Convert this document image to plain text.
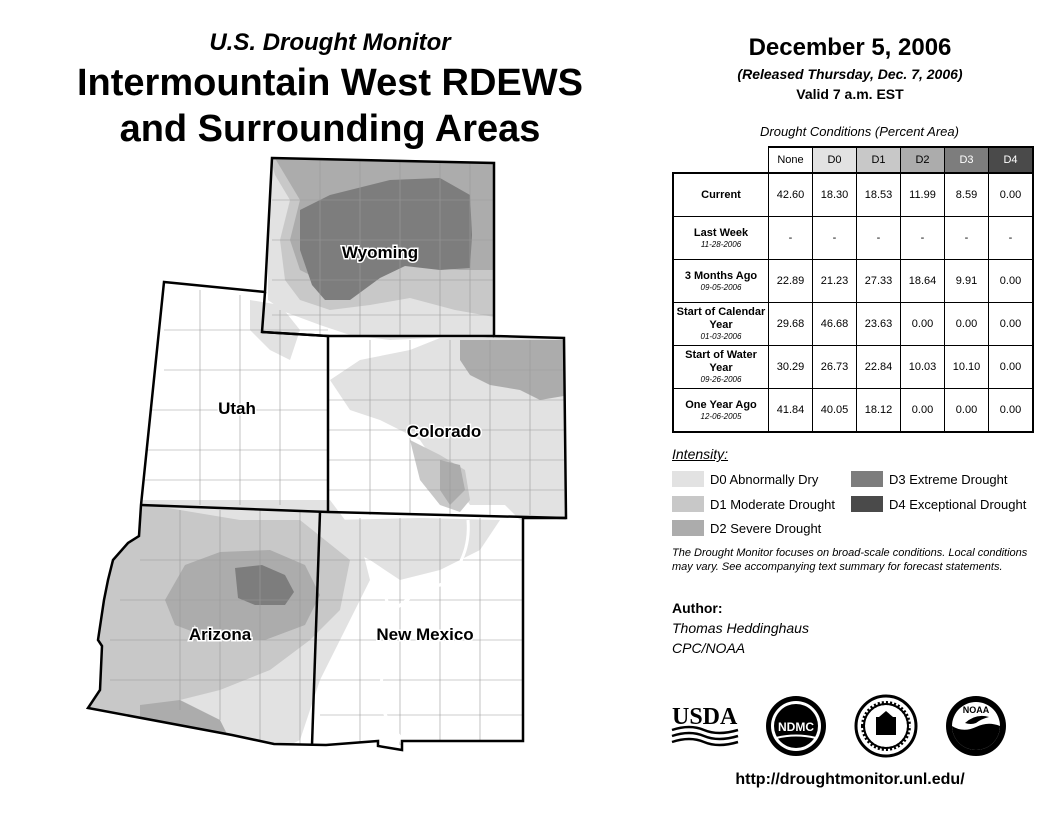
U.S. Drought Monitor
Intermountain West RDEWS
and Surrounding Areas
Wyoming
Utah
Colorado
Arizona	New Mexico
December 5, 2006
(Released Thursday, Dec. 7, 2006)
Valid 7 a.m. EST
Drought Conditions (Percent Area)
	None	D0	D1	D2	D3	D4
Current	42.60	18.30	18.53	11.99	8.59	0.00
Last Week
11-28-2006	-	-	-	-	-	-
3 Months Ago
09-05-2006	22.89	21.23	27.33	18.64	9.91	0.00
Start of Calendar Year
01-03-2006	29.68	46.68	23.63	0.00	0.00	0.00
Start of Water Year
09-26-2006	30.29	26.73	22.84	10.03	10.10	0.00
One Year Ago
12-06-2005	41.84	40.05	18.12	0.00	0.00	0.00
Intensity:
D0 Abnormally Dry
D1 Moderate Drought
D2 Severe Drought
D3 Extreme Drought
D4 Exceptional Drought
The Drought Monitor focuses on broad-scale conditions. Local conditions may vary. See accompanying text summary for forecast statements.
Author:
Thomas Heddinghaus
CPC/NOAA
USDA	NDMC
NOAA
http://droughtmonitor.unl.edu/
